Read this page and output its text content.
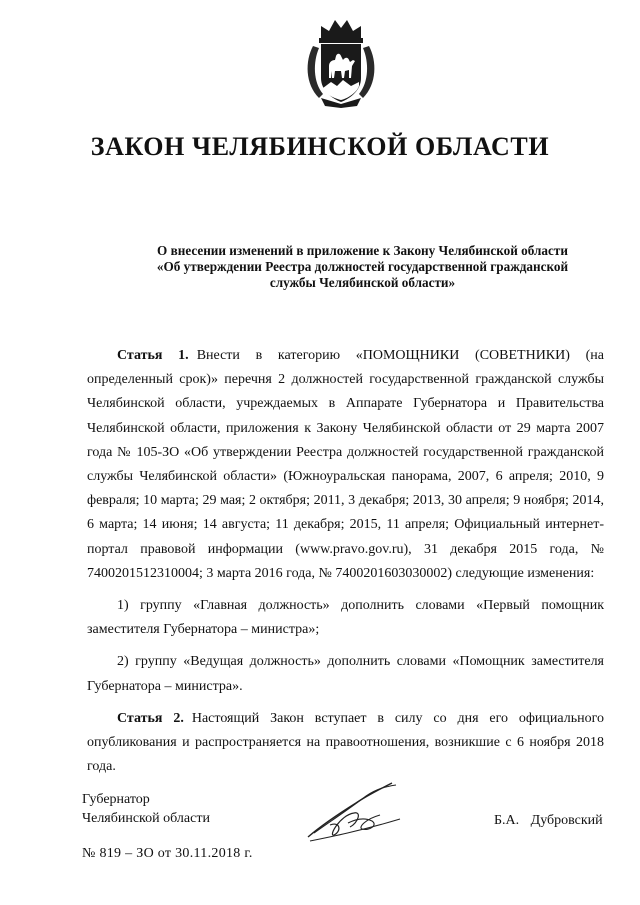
ЗАКОН ЧЕЛЯБИНСКОЙ ОБЛАСТИ
О внесении изменений в приложение к Закону Челябинской области
«Об утверждении Реестра должностей государственной гражданской
службы Челябинской области»

Статья 1. Внести в категорию «ПОМОЩНИКИ (СОВЕТНИКИ) (на определенный срок)» перечня 2 должностей государственной гражданской службы Челябинской области, учреждаемых в Аппарате Губернатора и Правительства Челябинской области, приложения к Закону Челябинской области от 29 марта 2007 года № 105-ЗО «Об утверждении Реестра должностей государственной гражданской службы Челябинской области» (Южноуральская панорама, 2007, 6 апреля; 2010, 9 февраля; 10 марта; 29 мая; 2 октября; 2011, 3 декабря; 2013, 30 апреля; 9 ноября; 2014, 6 марта; 14 июня; 14 августа; 11 декабря; 2015, 11 апреля; Официальный интернет-портал правовой информации (www.pravo.gov.ru), 31 декабря 2015 года, № 7400201512310004; 3 марта 2016 года, № 7400201603030002) следующие изменения:

1) группу «Главная должность» дополнить словами «Первый помощник заместителя Губернатора – министра»;

2) группу «Ведущая должность» дополнить словами «Помощник заместителя Губернатора – министра».

Статья 2. Настоящий Закон вступает в силу со дня его официального опубликования и распространяется на правоотношения, возникшие с 6 ноября 2018 года.

Губернатор
Челябинской области	Б.А. Дубровский
№ 819 – ЗО от 30.11.2018 г.
